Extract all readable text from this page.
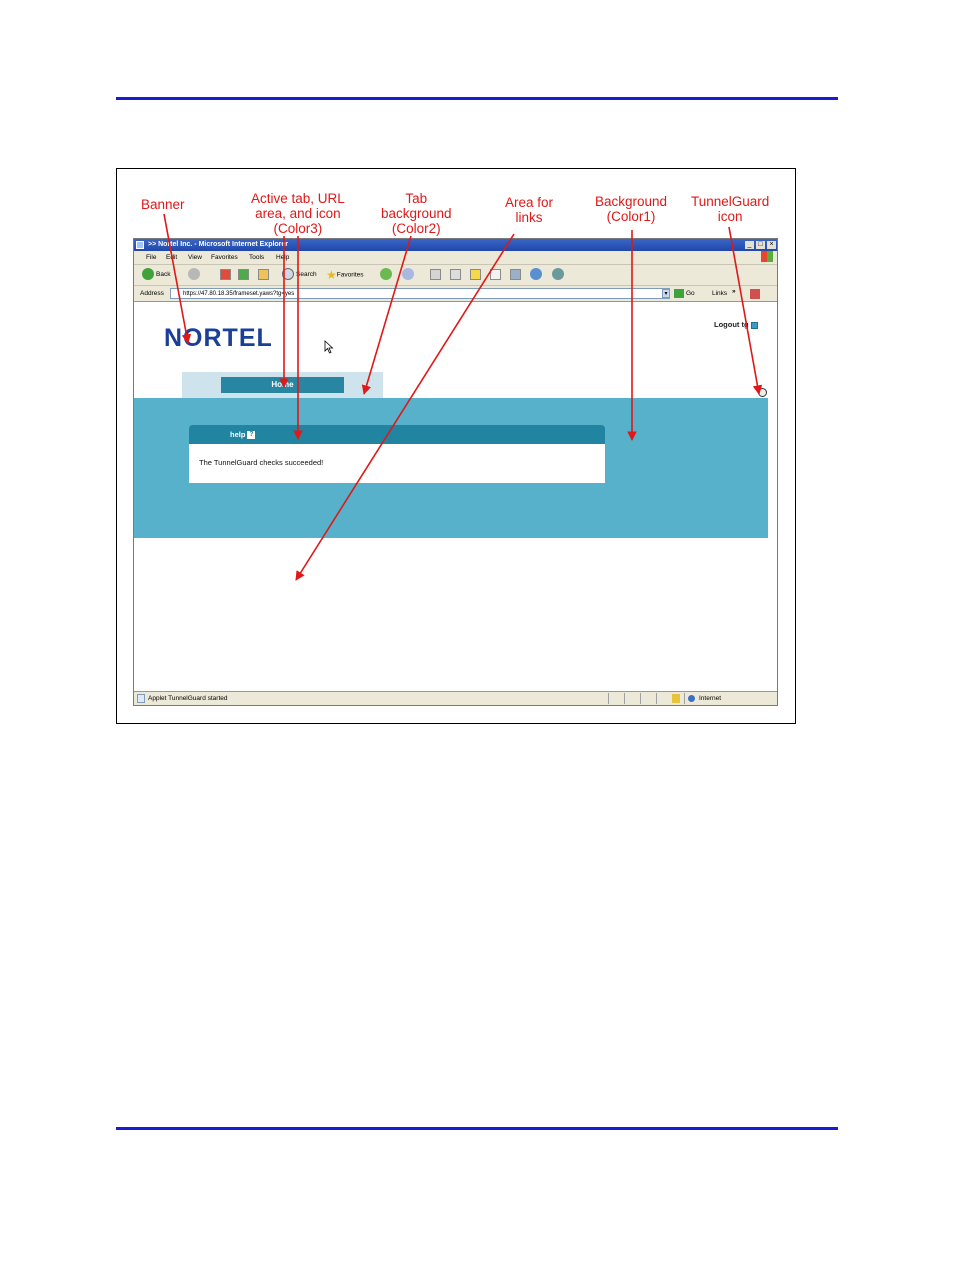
Banner	Active tab, URL
area, and icon
(Color3)
Tab
background
(Color2)
Area for
links
Background
(Color1)
TunnelGuard
icon
>> Nortel Inc. - Microsoft Internet Explorer	_ □ ×
File Edit View Favorites Tools Help
Back	Search ★Favorites
Address	https://47.80.18.35/frameset.yaws?tg=yes	▾	Go	Links »
NORTEL	Logout tg
Home
help ?
The TunnelGuard checks succeeded!
Applet TunnelGuard started	Internet
